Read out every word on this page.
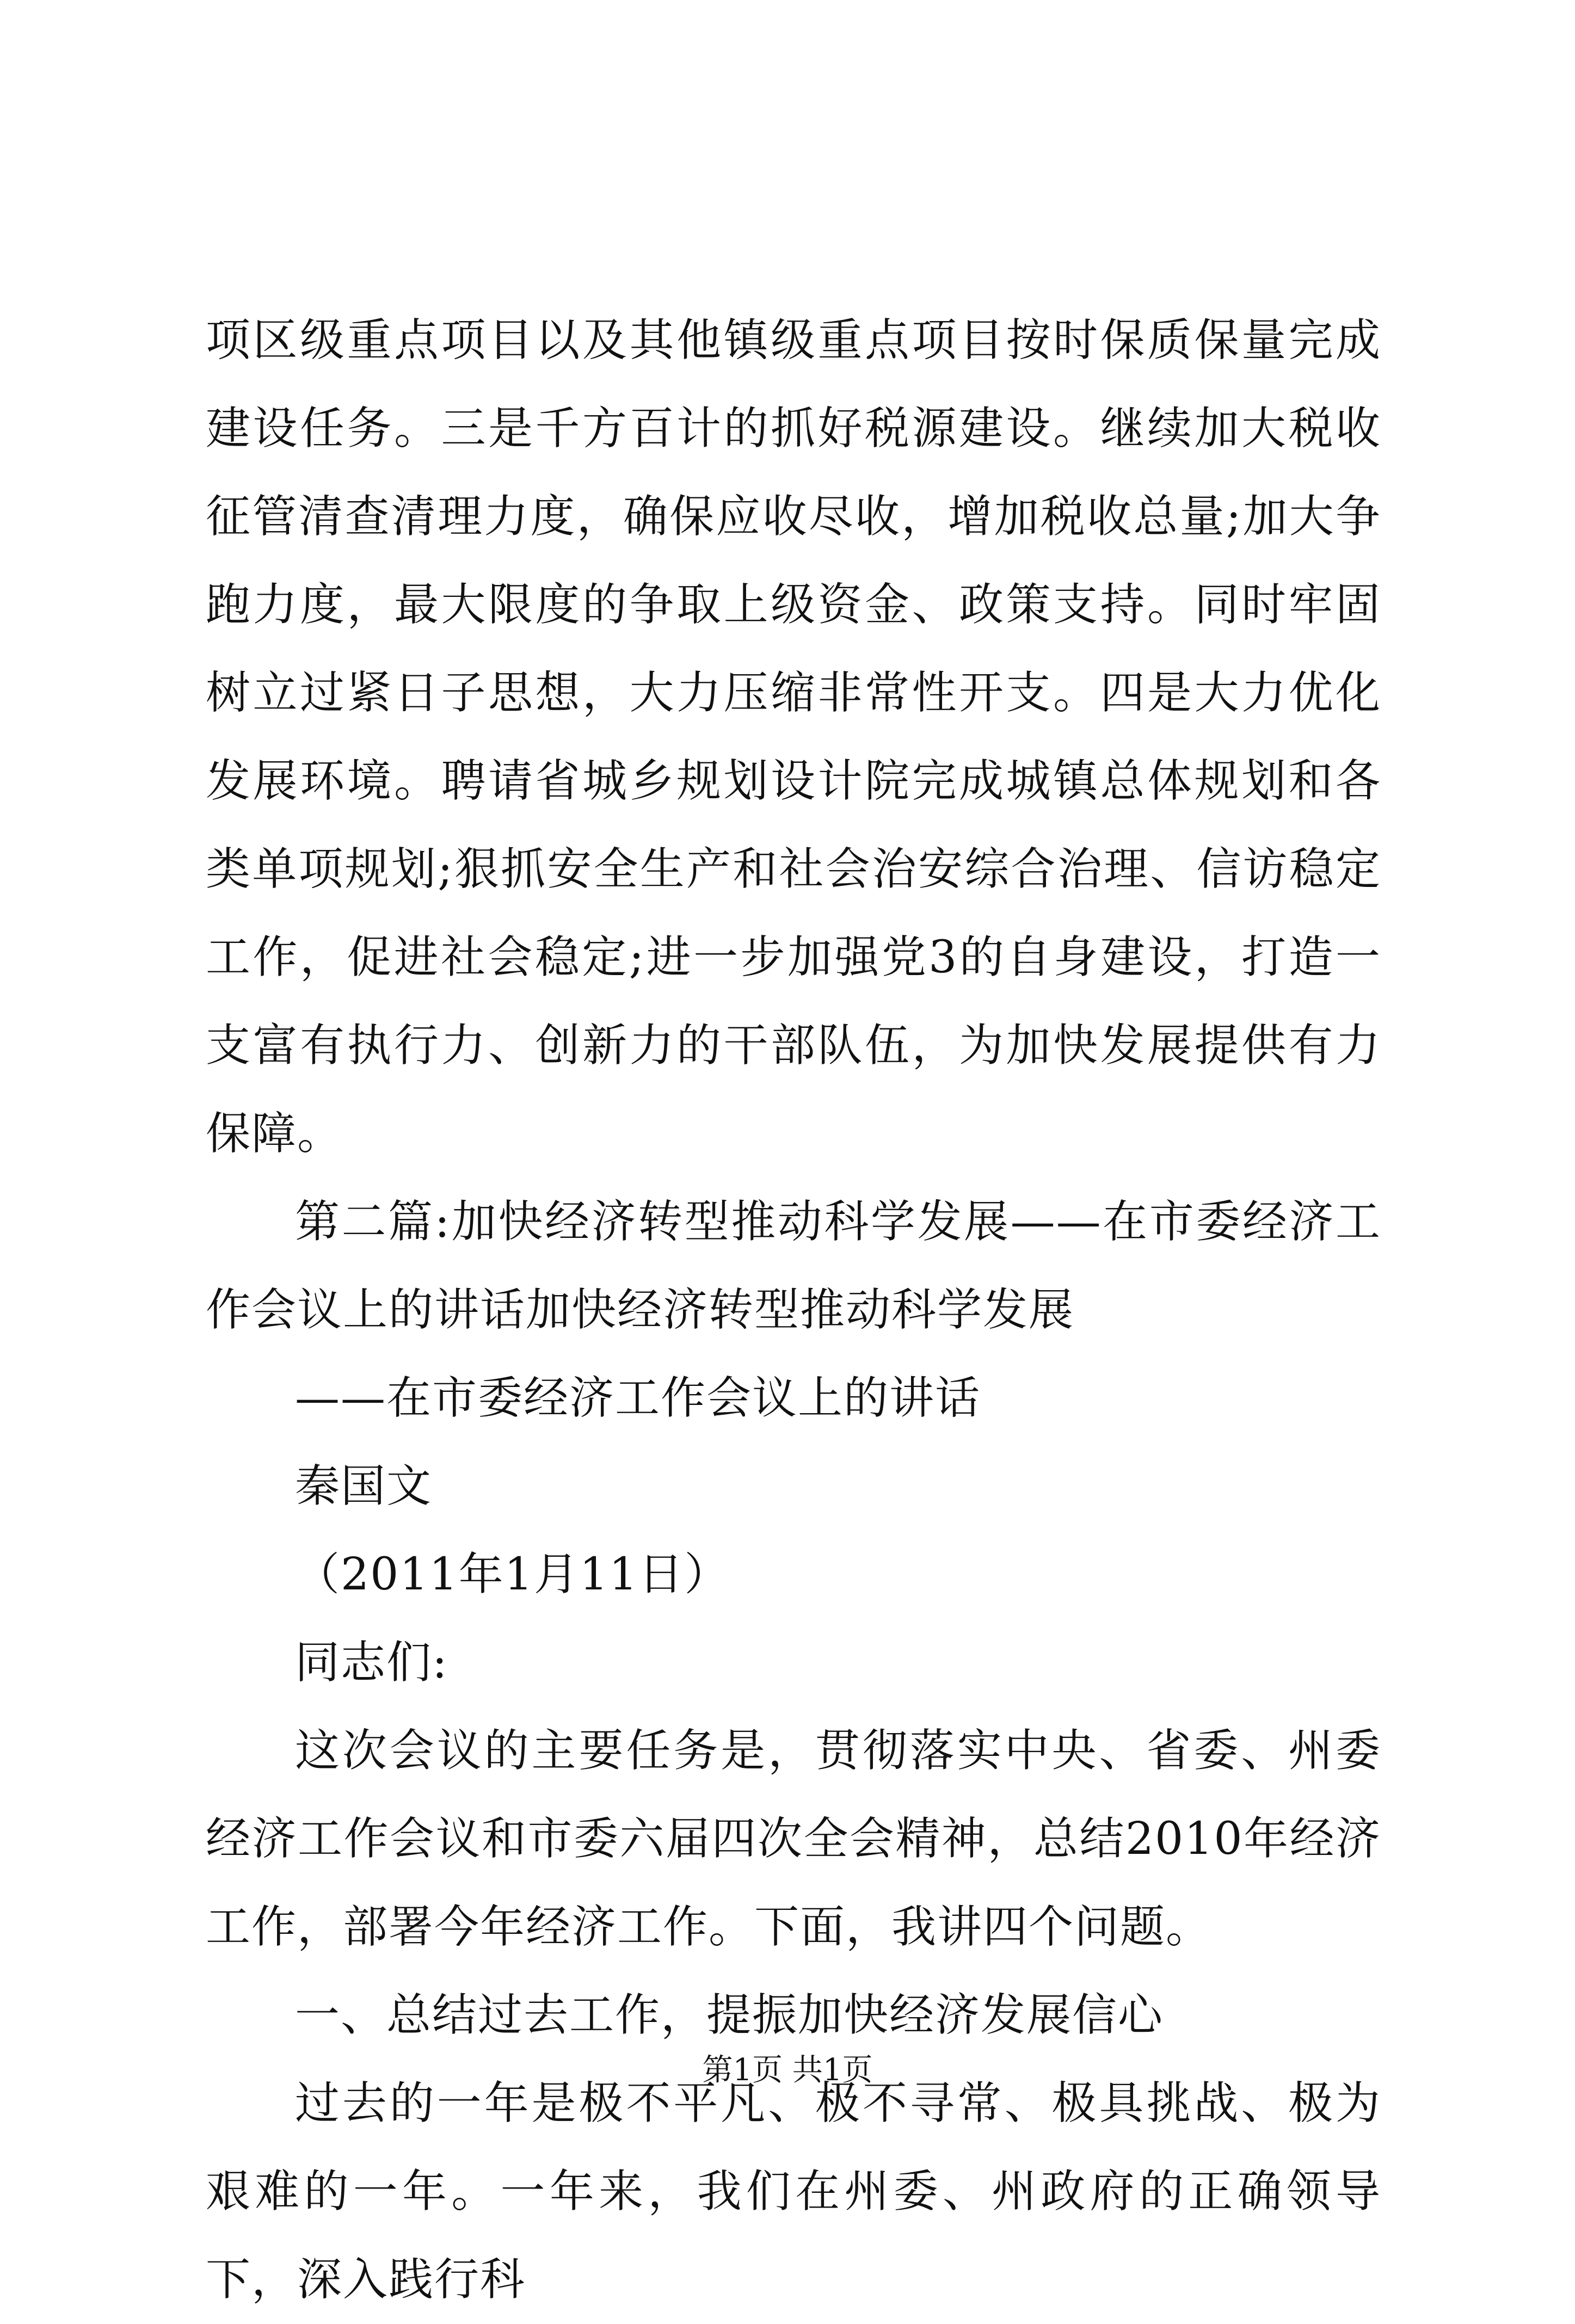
项区级重点项目以及其他镇级重点项目按时保质保量完成建设任务。三是千方百计的抓好税源建设。继续加大税收征管清查清理力度，确保应收尽收，增加税收总量;加大争跑力度，最大限度的争取上级资金、政策支持。同时牢固树立过紧日子思想，大力压缩非常性开支。四是大力优化发展环境。聘请省城乡规划设计院完成城镇总体规划和各类单项规划;狠抓安全生产和社会治安综合治理、信访稳定工作，促进社会稳定;进一步加强党3的自身建设，打造一支富有执行力、创新力的干部队伍，为加快发展提供有力保障。

第二篇:加快经济转型推动科学发展——在市委经济工作会议上的讲话加快经济转型推动科学发展

——在市委经济工作会议上的讲话

秦国文

（2011年1月11日）

同志们:

这次会议的主要任务是，贯彻落实中央、省委、州委经济工作会议和市委六届四次全会精神，总结2010年经济工作，部署今年经济工作。下面，我讲四个问题。

一、总结过去工作，提振加快经济发展信心

过去的一年是极不平凡、极不寻常、极具挑战、极为艰难的一年。一年来，我们在州委、州政府的正确领导下，深入践行科

第1页 共1页
